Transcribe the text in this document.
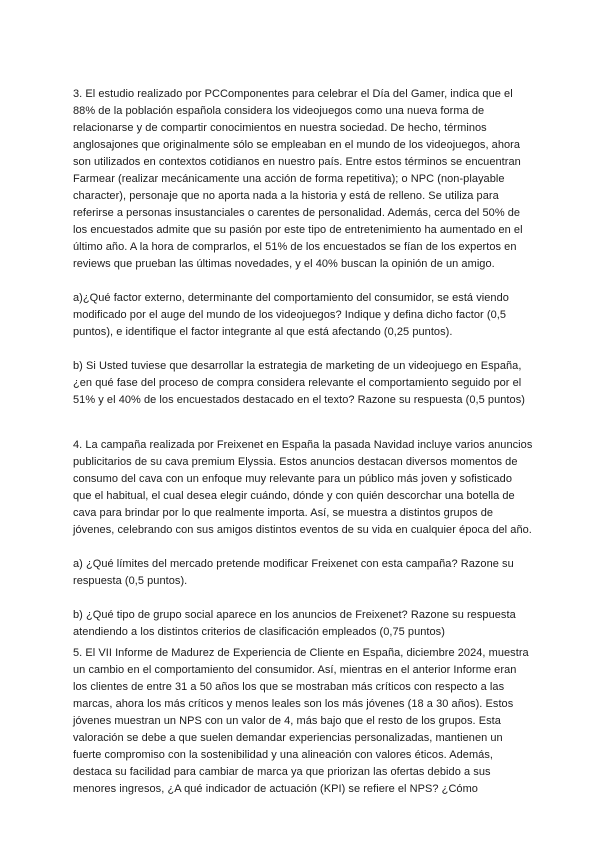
3. El estudio realizado por PCComponentes para celebrar el Día del Gamer, indica que el 88% de la población española considera los videojuegos como una nueva forma de relacionarse y de compartir conocimientos en nuestra sociedad. De hecho, términos anglosajones que originalmente sólo se empleaban en el mundo de los videojuegos, ahora son utilizados en contextos cotidianos en nuestro país. Entre estos términos se encuentran Farmear (realizar mecánicamente una acción de forma repetitiva); o NPC (non-playable character), personaje que no aporta nada a la historia y está de relleno. Se utiliza para referirse a personas insustanciales o carentes de personalidad. Además, cerca del 50% de los encuestados admite que su pasión por este tipo de entretenimiento ha aumentado en el último año. A la hora de comprarlos, el 51% de los encuestados se fían de los expertos en reviews que prueban las últimas novedades, y el 40% buscan la opinión de un amigo.

a)¿Qué factor externo, determinante del comportamiento del consumidor, se está viendo modificado por el auge del mundo de los videojuegos? Indique y defina dicho factor (0,5 puntos), e identifique el factor integrante al que está afectando (0,25 puntos).

b) Si Usted tuviese que desarrollar la estrategia de marketing de un videojuego en España, ¿en qué fase del proceso de compra considera relevante el comportamiento seguido por el 51% y el 40% de los encuestados destacado en el texto? Razone su respuesta (0,5 puntos)

4. La campaña realizada por Freixenet en España la pasada Navidad incluye varios anuncios publicitarios de su cava premium Elyssia. Estos anuncios destacan diversos momentos de consumo del cava con un enfoque muy relevante para un público más joven y sofisticado que el habitual, el cual desea elegir cuándo, dónde y con quién descorchar una botella de cava para brindar por lo que realmente importa. Así, se muestra a distintos grupos de jóvenes, celebrando con sus amigos distintos eventos de su vida en cualquier época del año.

a) ¿Qué límites del mercado pretende modificar Freixenet con esta campaña? Razone su respuesta (0,5 puntos).

b) ¿Qué tipo de grupo social aparece en los anuncios de Freixenet? Razone su respuesta atendiendo a los distintos criterios de clasificación empleados (0,75 puntos)

5. El VII Informe de Madurez de Experiencia de Cliente en España, diciembre 2024, muestra un cambio en el comportamiento del consumidor. Así, mientras en el anterior Informe eran los clientes de entre 31 a 50 años los que se mostraban más críticos con respecto a las marcas, ahora los más críticos y menos leales son los más jóvenes (18 a 30 años). Estos jóvenes muestran un NPS con un valor de 4, más bajo que el resto de los grupos. Esta valoración se debe a que suelen demandar experiencias personalizadas, mantienen un fuerte compromiso con la sostenibilidad y una alineación con valores éticos. Además, destaca su facilidad para cambiar de marca ya que priorizan las ofertas debido a sus menores ingresos, ¿A qué indicador de actuación (KPI) se refiere el NPS? ¿Cómo
